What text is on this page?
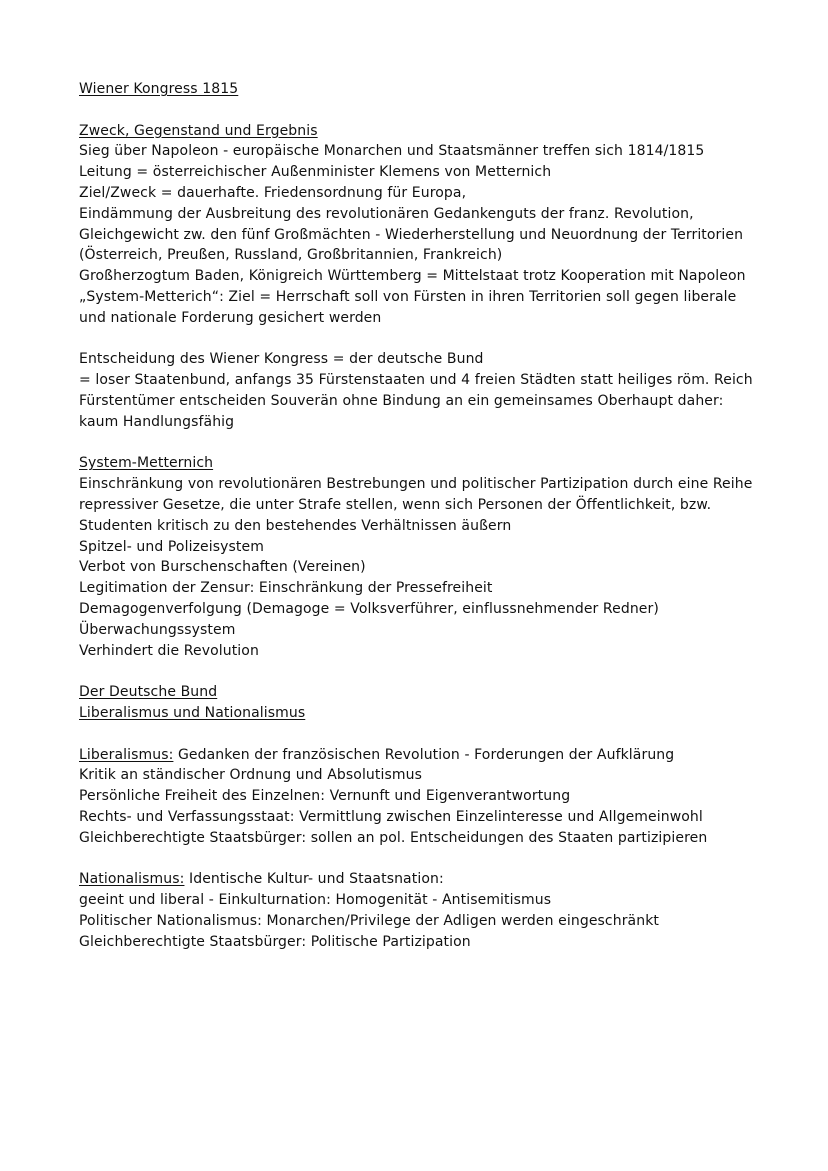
Wiener Kongress 1815
Zweck, Gegenstand und Ergebnis
Sieg über Napoleon - europäische Monarchen und Staatsmänner treffen sich 1814/1815
Leitung = österreichischer Außenminister Klemens von Metternich
Ziel/Zweck = dauerhafte. Friedensordnung für Europa,
Eindämmung der Ausbreitung des revolutionären Gedankenguts der franz. Revolution,
Gleichgewicht zw. den fünf Großmächten - Wiederherstellung und Neuordnung der Territorien
(Österreich, Preußen, Russland, Großbritannien, Frankreich)
Großherzogtum Baden, Königreich Württemberg = Mittelstaat trotz Kooperation mit Napoleon
„System-Metterich“: Ziel = Herrschaft soll von Fürsten in ihren Territorien soll gegen liberale
und nationale Forderung gesichert werden
Entscheidung des Wiener Kongress = der deutsche Bund
= loser Staatenbund, anfangs 35 Fürstenstaaten und 4 freien Städten statt heiliges röm. Reich
Fürstentümer entscheiden Souverän ohne Bindung an ein gemeinsames Oberhaupt daher:
kaum Handlungsfähig
System-Metternich
Einschränkung von revolutionären Bestrebungen und politischer Partizipation durch eine Reihe
repressiver Gesetze, die unter Strafe stellen, wenn sich Personen der Öffentlichkeit, bzw.
Studenten kritisch zu den bestehendes Verhältnissen äußern
Spitzel- und Polizeisystem
Verbot von Burschenschaften (Vereinen)
Legitimation der Zensur: Einschränkung der Pressefreiheit
Demagogenverfolgung (Demagoge = Volksverführer, einflussnehmender Redner)
Überwachungssystem
Verhindert die Revolution
Der Deutsche Bund
Liberalismus und Nationalismus
Liberalismus: Gedanken der französischen Revolution - Forderungen der Aufklärung
Kritik an ständischer Ordnung und Absolutismus
Persönliche Freiheit des Einzelnen: Vernunft und Eigenverantwortung
Rechts- und Verfassungsstaat: Vermittlung zwischen Einzelinteresse und Allgemeinwohl
Gleichberechtigte Staatsbürger: sollen an pol. Entscheidungen des Staaten partizipieren
Nationalismus: Identische Kultur- und Staatsnation:
geeint und liberal - Einkulturnation: Homogenität - Antisemitismus
Politischer Nationalismus: Monarchen/Privilege der Adligen werden eingeschränkt
Gleichberechtigte Staatsbürger: Politische Partizipation
